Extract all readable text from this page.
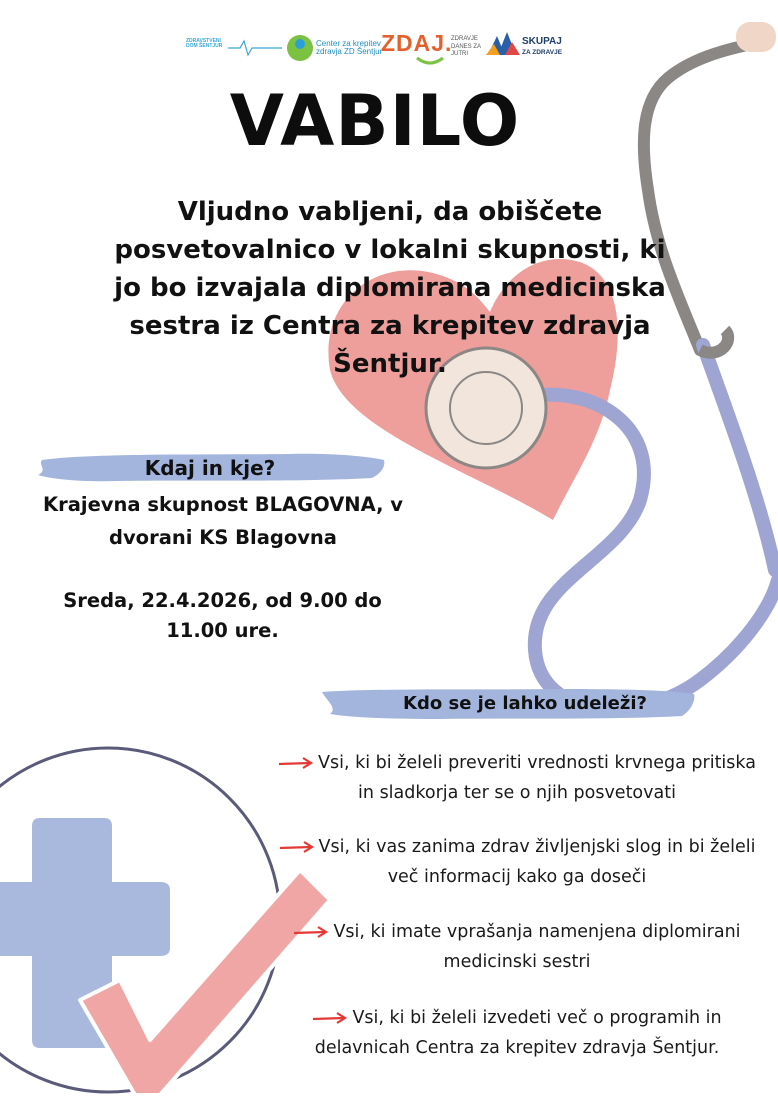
ZDRAVSTVENI DOM ŠENTJUR	Center za krepitev zdravja ZD Šentjur
ZDAJ.
ZDRAVJE DANES ZA JUTRI
SKUPAJ
ZA ZDRAVJE
VABILO
Vljudno vabljeni, da obiščete posvetovalnico v lokalni skupnosti, ki jo bo izvajala diplomirana medicinska sestra iz Centra za krepitev zdravja Šentjur.
Kdaj in kje?
Krajevna skupnost BLAGOVNA, v dvorani KS Blagovna
Sreda, 22.4.2026, od 9.00 do 11.00 ure.
Kdo se je lahko udeleži?
Vsi, ki bi želeli preveriti vrednosti krvnega pritiska in sladkorja ter se o njih posvetovati
Vsi, ki vas zanima zdrav življenjski slog in bi želeli več informacij kako ga doseči
Vsi, ki imate vprašanja namenjena diplomirani medicinski sestri
Vsi, ki bi želeli izvedeti več o programih in delavnicah Centra za krepitev zdravja Šentjur.
